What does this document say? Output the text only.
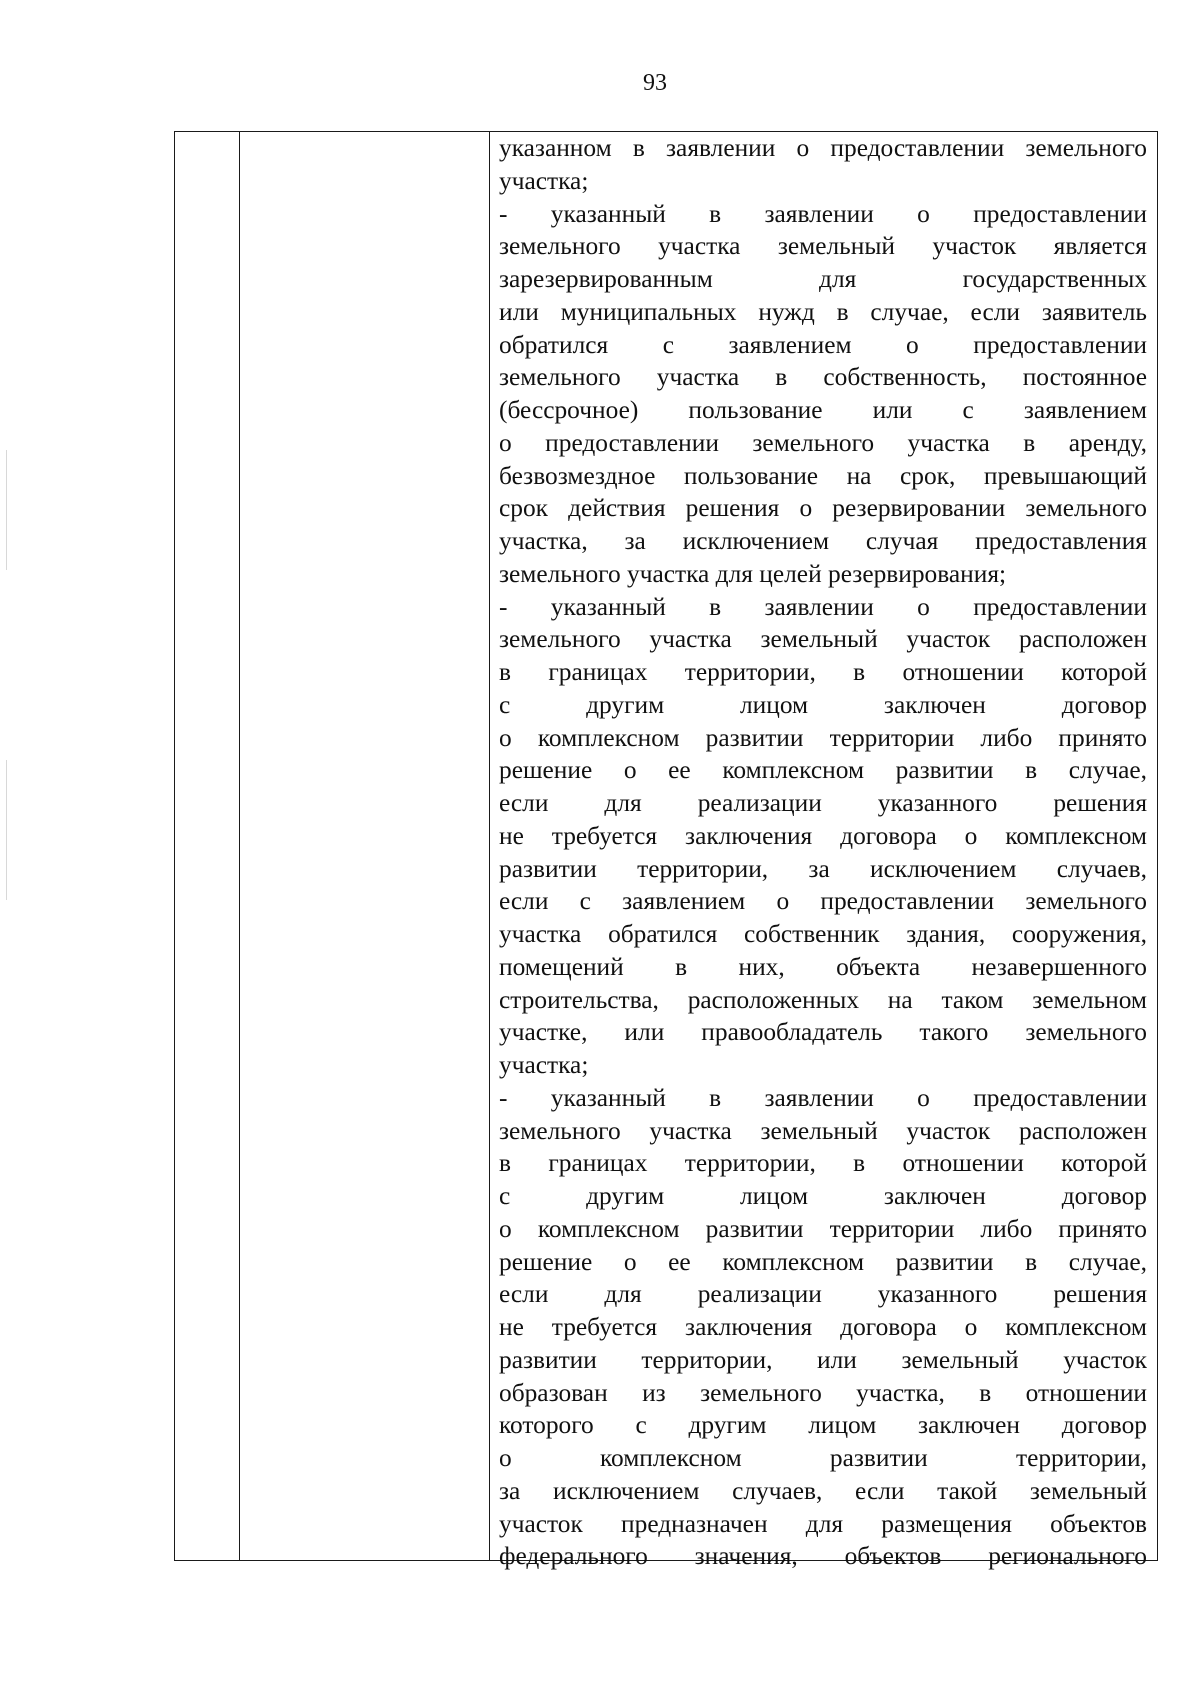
93
указанном в заявлении о предоставлении земельного
участка;
- указанный в заявлении о предоставлении
земельного участка земельный участок является
зарезервированным для государственных
или муниципальных нужд в случае, если заявитель
обратился с заявлением о предоставлении
земельного участка в собственность, постоянное
(бессрочное) пользование или с заявлением
о предоставлении земельного участка в аренду,
безвозмездное пользование на срок, превышающий
срок действия решения о резервировании земельного
участка, за исключением случая предоставления
земельного участка для целей резервирования;
- указанный в заявлении о предоставлении
земельного участка земельный участок расположен
в границах территории, в отношении которой
с другим лицом заключен договор
о комплексном развитии территории либо принято
решение о ее комплексном развитии в случае,
если для реализации указанного решения
не требуется заключения договора о комплексном
развитии территории, за исключением случаев,
если с заявлением о предоставлении земельного
участка обратился собственник здания, сооружения,
помещений в них, объекта незавершенного
строительства, расположенных на таком земельном
участке, или правообладатель такого земельного
участка;
- указанный в заявлении о предоставлении
земельного участка земельный участок расположен
в границах территории, в отношении которой
с другим лицом заключен договор
о комплексном развитии территории либо принято
решение о ее комплексном развитии в случае,
если для реализации указанного решения
не требуется заключения договора о комплексном
развитии территории, или земельный участок
образован из земельного участка, в отношении
которого с другим лицом заключен договор
о комплексном развитии территории,
за исключением случаев, если такой земельный
участок предназначен для размещения объектов
федерального значения, объектов регионального
